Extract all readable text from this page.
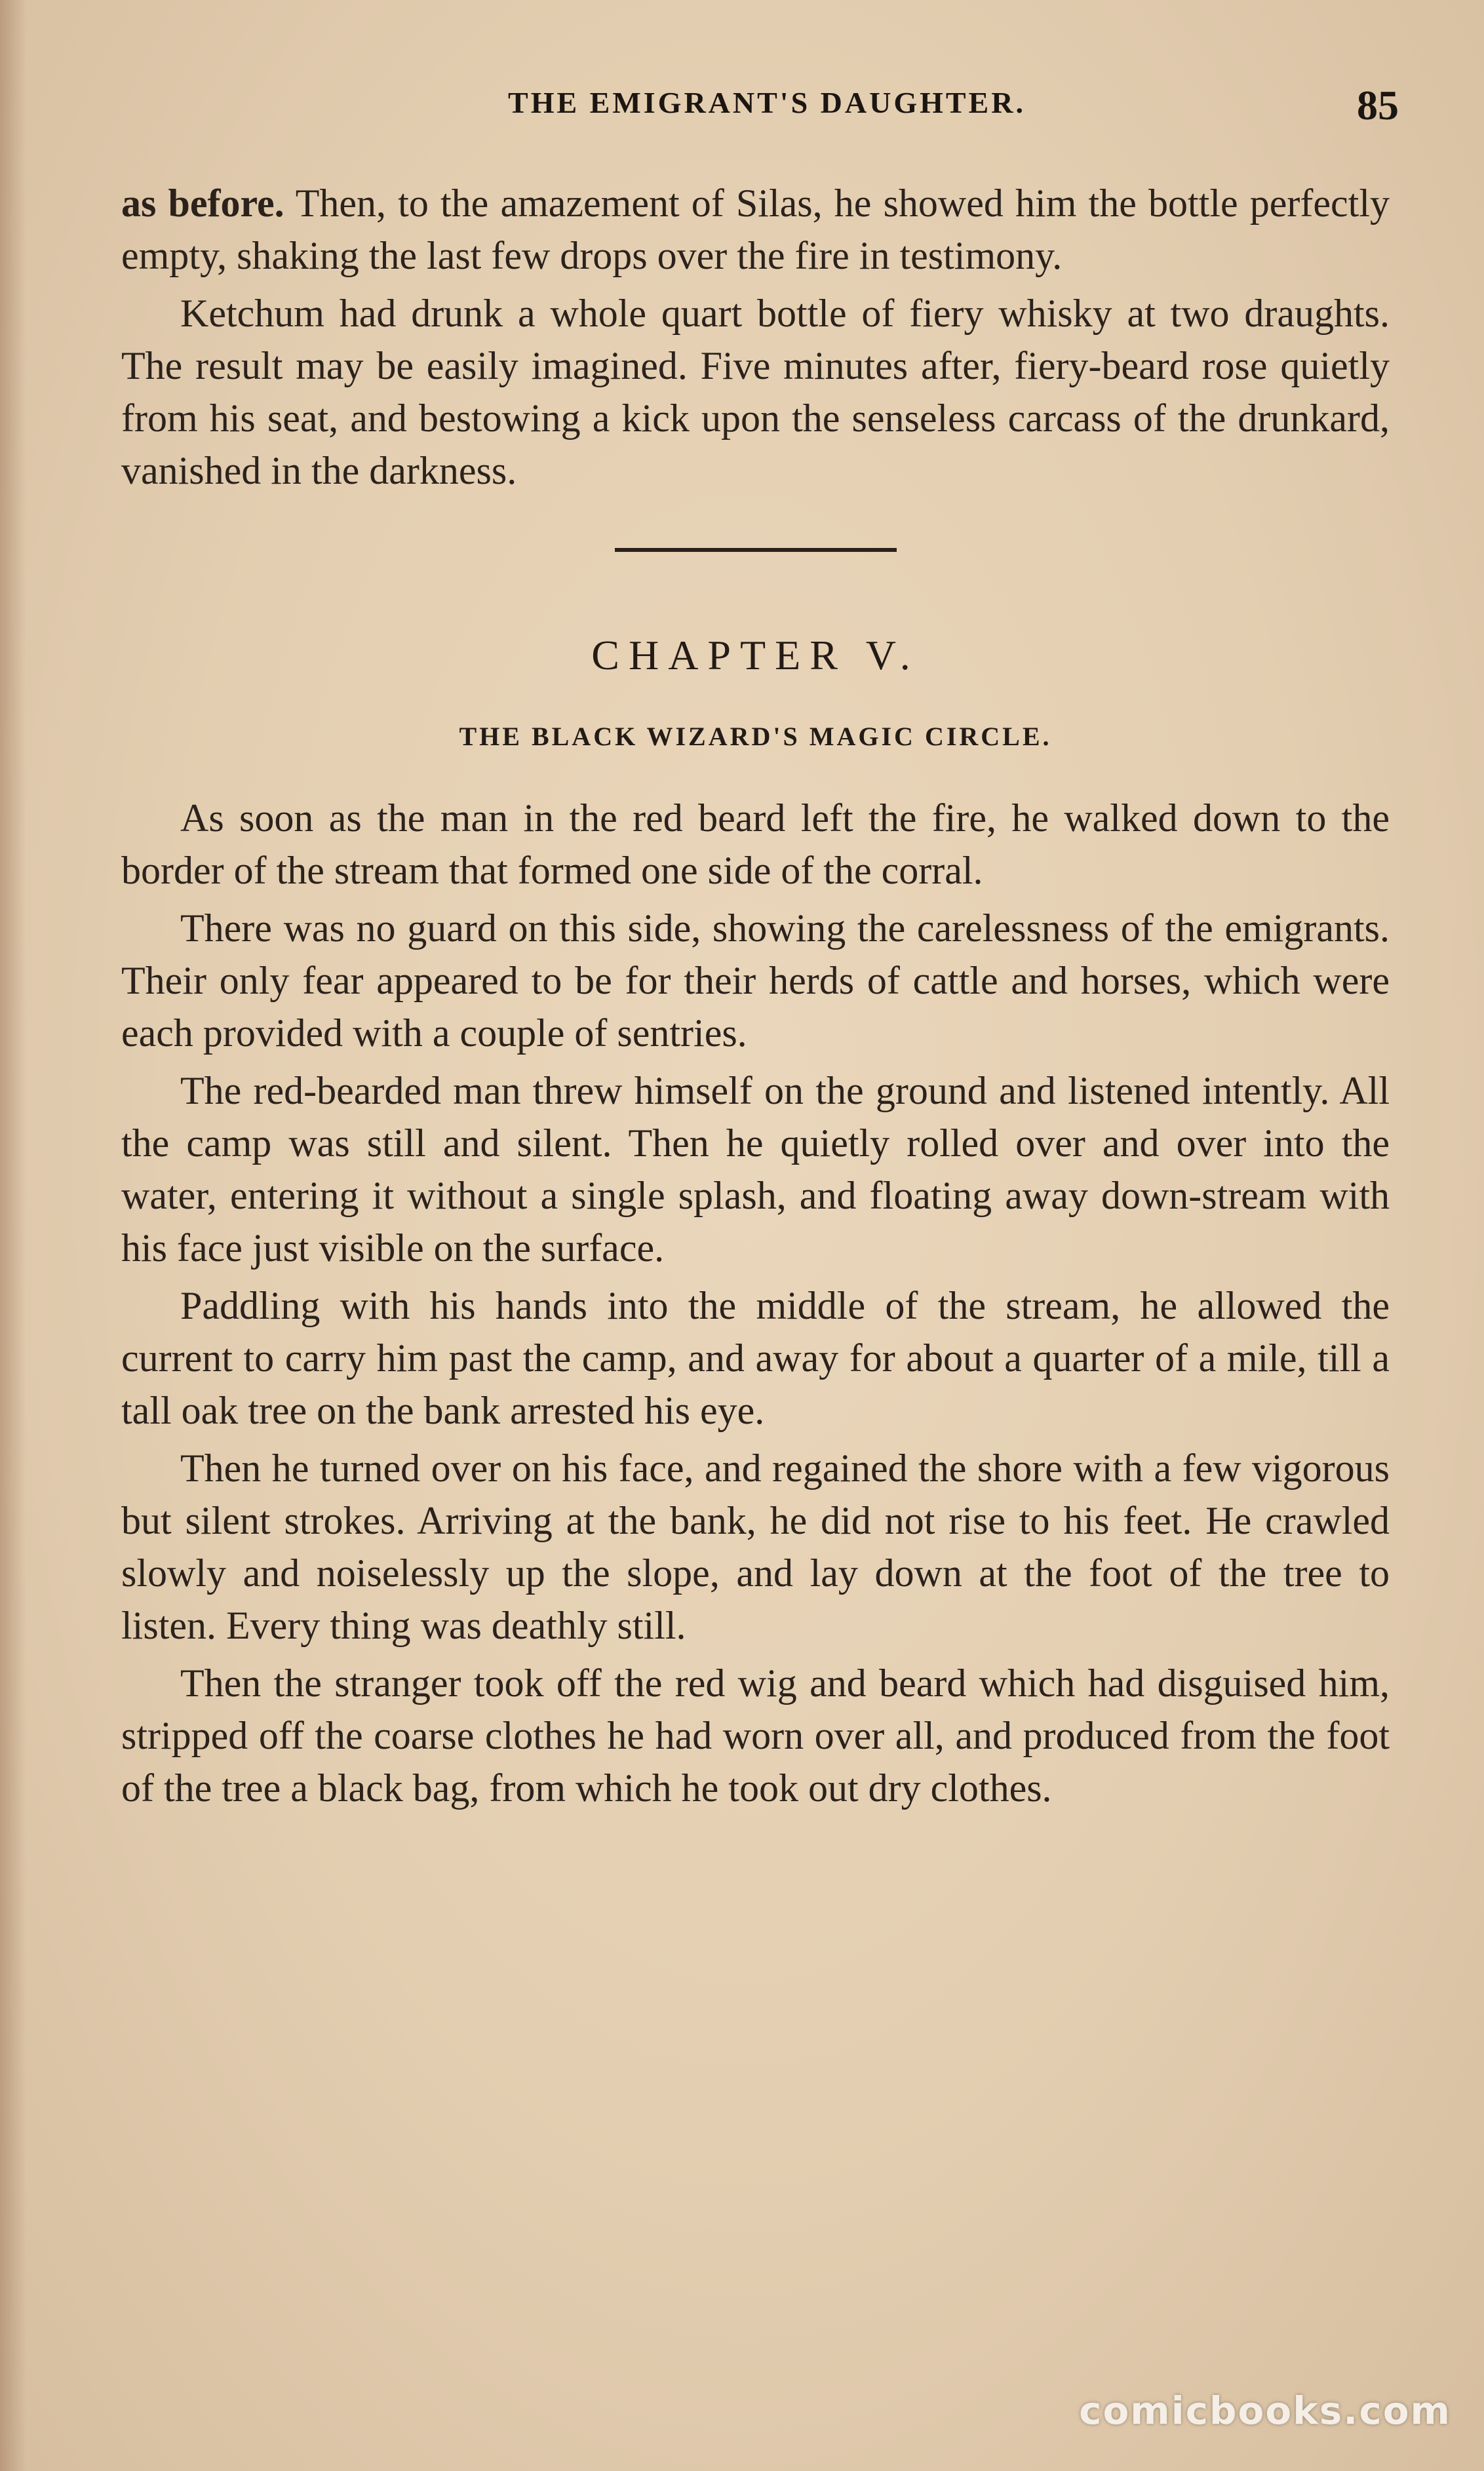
THE EMIGRANT'S DAUGHTER.	85

as before. Then, to the amazement of Silas, he showed him the bottle perfectly empty, shaking the last few drops over the fire in testimony.

Ketchum had drunk a whole quart bottle of fiery whisky at two draughts. The result may be easily imagined. Five minutes after, fiery-beard rose quietly from his seat, and bestowing a kick upon the senseless carcass of the drunkard, vanished in the darkness.

CHAPTER V.
THE BLACK WIZARD'S MAGIC CIRCLE.

As soon as the man in the red beard left the fire, he walked down to the border of the stream that formed one side of the corral.

There was no guard on this side, showing the carelessness of the emigrants. Their only fear appeared to be for their herds of cattle and horses, which were each provided with a couple of sentries.

The red-bearded man threw himself on the ground and listened intently. All the camp was still and silent. Then he quietly rolled over and over into the water, entering it without a single splash, and floating away down-stream with his face just visible on the surface.

Paddling with his hands into the middle of the stream, he allowed the current to carry him past the camp, and away for about a quarter of a mile, till a tall oak tree on the bank arrested his eye.

Then he turned over on his face, and regained the shore with a few vigorous but silent strokes. Arriving at the bank, he did not rise to his feet. He crawled slowly and noiselessly up the slope, and lay down at the foot of the tree to listen. Every thing was deathly still.

Then the stranger took off the red wig and beard which had disguised him, stripped off the coarse clothes he had worn over all, and produced from the foot of the tree a black bag, from which he took out dry clothes.

comicbooks.com
